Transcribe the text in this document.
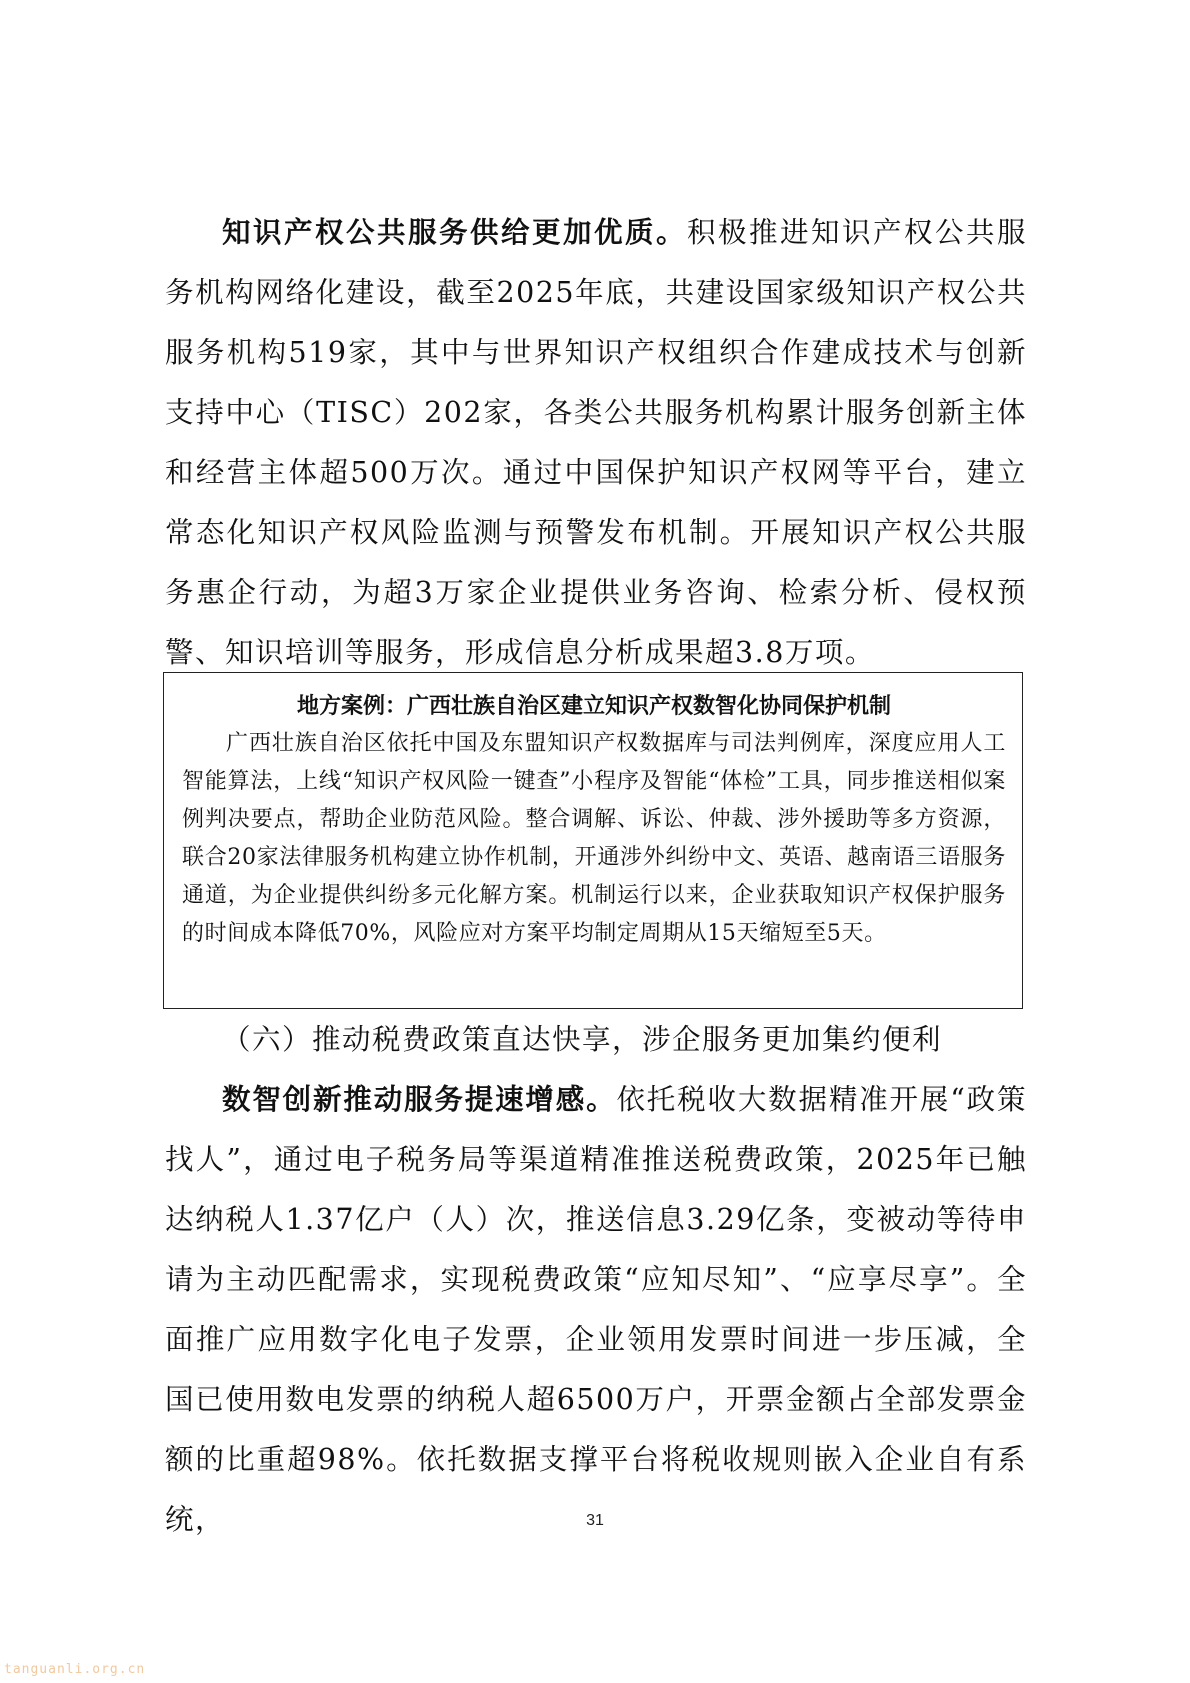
知识产权公共服务供给更加优质。积极推进知识产权公共服务机构网络化建设，截至2025年底，共建设国家级知识产权公共服务机构519家，其中与世界知识产权组织合作建成技术与创新支持中心（TISC）202家，各类公共服务机构累计服务创新主体和经营主体超500万次。通过中国保护知识产权网等平台，建立常态化知识产权风险监测与预警发布机制。开展知识产权公共服务惠企行动，为超3万家企业提供业务咨询、检索分析、侵权预警、知识培训等服务，形成信息分析成果超3.8万项。

地方案例：广西壮族自治区建立知识产权数智化协同保护机制

广西壮族自治区依托中国及东盟知识产权数据库与司法判例库，深度应用人工智能算法，上线“知识产权风险一键查”小程序及智能“体检”工具，同步推送相似案例判决要点，帮助企业防范风险。整合调解、诉讼、仲裁、涉外援助等多方资源，联合20家法律服务机构建立协作机制，开通涉外纠纷中文、英语、越南语三语服务通道，为企业提供纠纷多元化解方案。机制运行以来，企业获取知识产权保护服务的时间成本降低70%，风险应对方案平均制定周期从15天缩短至5天。

（六）推动税费政策直达快享，涉企服务更加集约便利

数智创新推动服务提速增感。依托税收大数据精准开展“政策找人”，通过电子税务局等渠道精准推送税费政策，2025年已触达纳税人1.37亿户（人）次，推送信息3.29亿条，变被动等待申请为主动匹配需求，实现税费政策“应知尽知”、“应享尽享”。全面推广应用数字化电子发票，企业领用发票时间进一步压减，全国已使用数电发票的纳税人超6500万户，开票金额占全部发票金额的比重超98%。依托数据支撑平台将税收规则嵌入企业自有系统，	31
tanguanli.org.cn
